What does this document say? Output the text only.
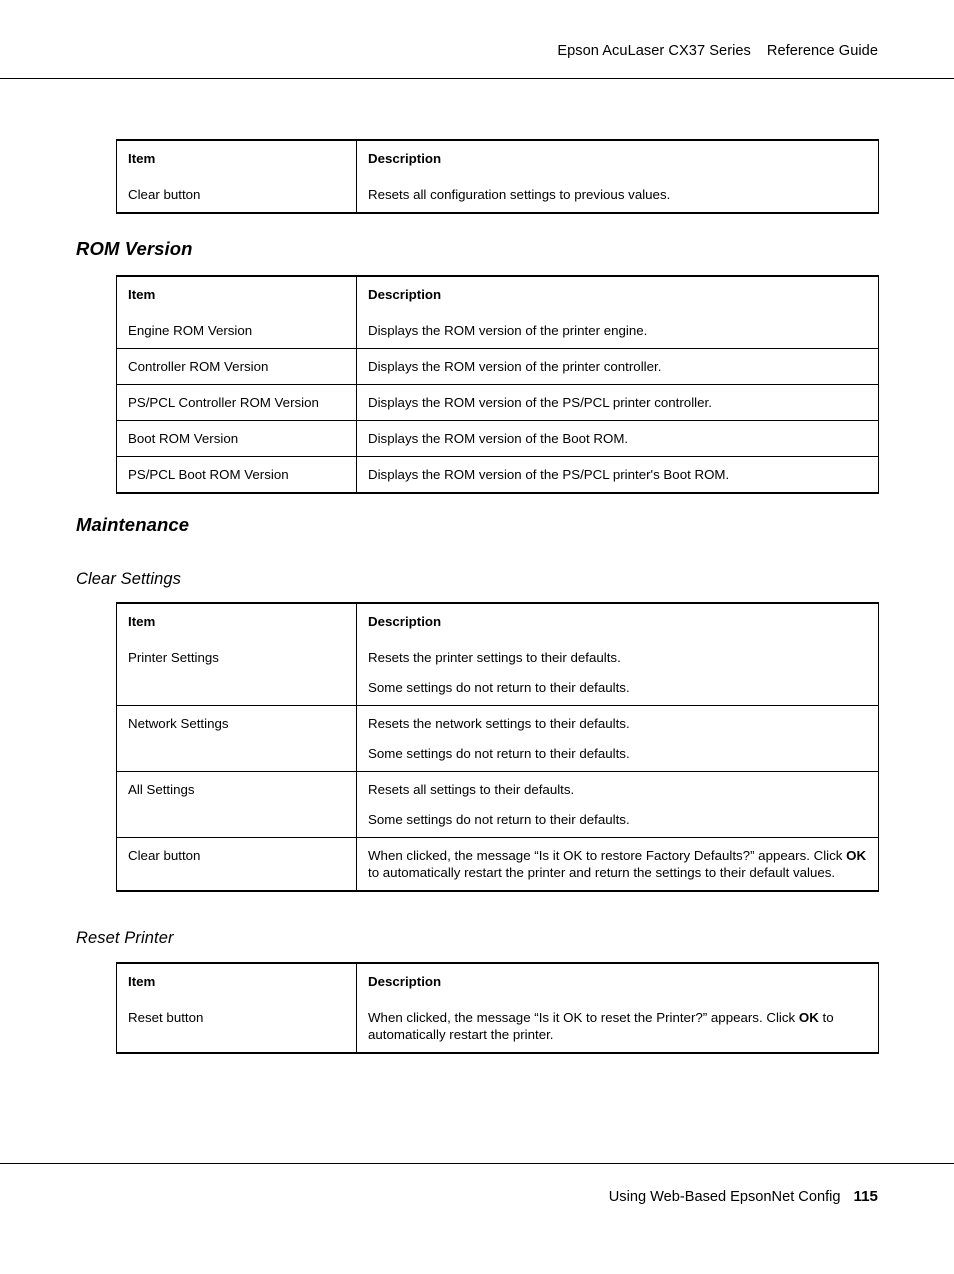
Epson AcuLaser CX37 Series Reference Guide
Item	Description
Clear button	Resets all configuration settings to previous values.
ROM Version
Item	Description
Engine ROM Version	Displays the ROM version of the printer engine.
Controller ROM Version	Displays the ROM version of the printer controller.
PS/PCL Controller ROM Version	Displays the ROM version of the PS/PCL printer controller.
Boot ROM Version	Displays the ROM version of the Boot ROM.
PS/PCL Boot ROM Version	Displays the ROM version of the PS/PCL printer's Boot ROM.
Maintenance
Clear Settings
Item	Description
Printer Settings	Resets the printer settings to their defaults.

Some settings do not return to their defaults.

Network Settings	Resets the network settings to their defaults.

Some settings do not return to their defaults.

All Settings	Resets all settings to their defaults.

Some settings do not return to their defaults.

Clear button	When clicked, the message “Is it OK to restore Factory Defaults?” appears. Click OK to automatically restart the printer and return the settings to their default values.

Reset Printer
Item	Description
Reset button	When clicked, the message “Is it OK to reset the Printer?” appears. Click OK to automatically restart the printer.

Using Web-Based EpsonNet Config 115
